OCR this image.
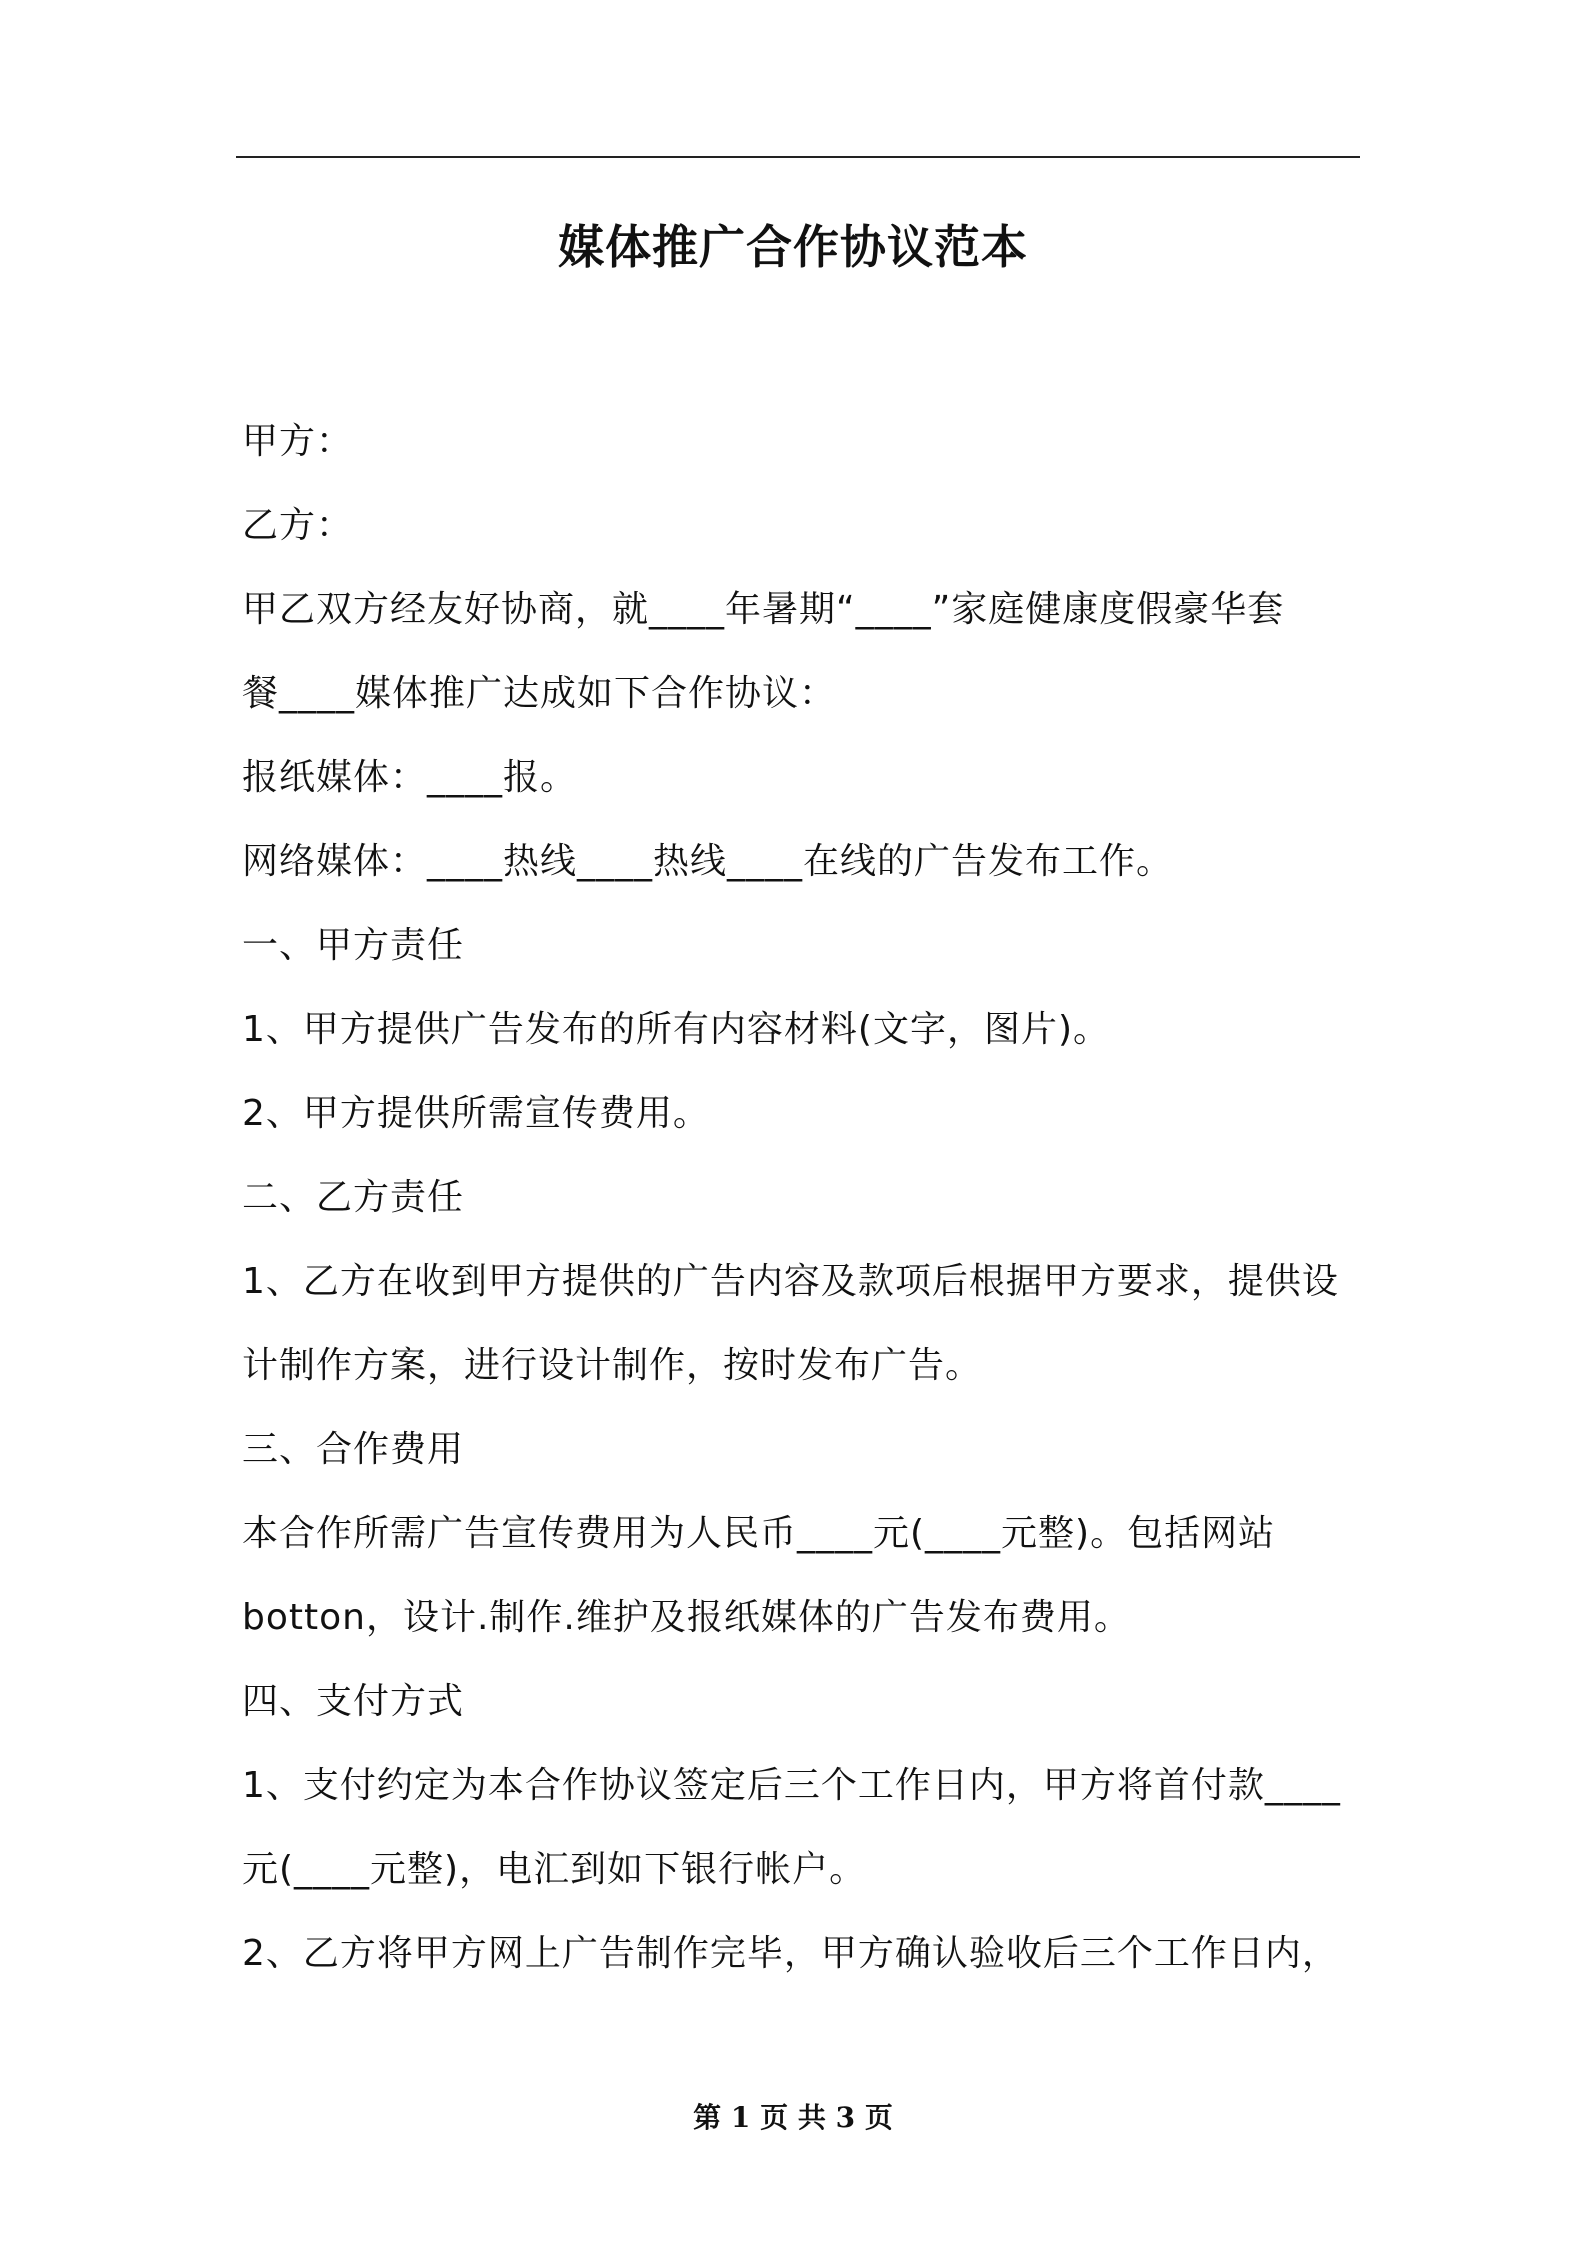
媒体推广合作协议范本
甲方：
乙方：
甲乙双方经友好协商，就____年暑期“____”家庭健康度假豪华套
餐____媒体推广达成如下合作协议：
报纸媒体：____报。
网络媒体：____热线____热线____在线的广告发布工作。
一、甲方责任
1、甲方提供广告发布的所有内容材料(文字，图片)。
2、甲方提供所需宣传费用。
二、乙方责任
1、乙方在收到甲方提供的广告内容及款项后根据甲方要求，提供设
计制作方案，进行设计制作，按时发布广告。
三、合作费用
本合作所需广告宣传费用为人民币____元(____元整)。包括网站
botton，设计.制作.维护及报纸媒体的广告发布费用。
四、支付方式
1、支付约定为本合作协议签定后三个工作日内，甲方将首付款____
元(____元整)，电汇到如下银行帐户。
2、乙方将甲方网上广告制作完毕，甲方确认验收后三个工作日内，
第 1 页 共 3 页
